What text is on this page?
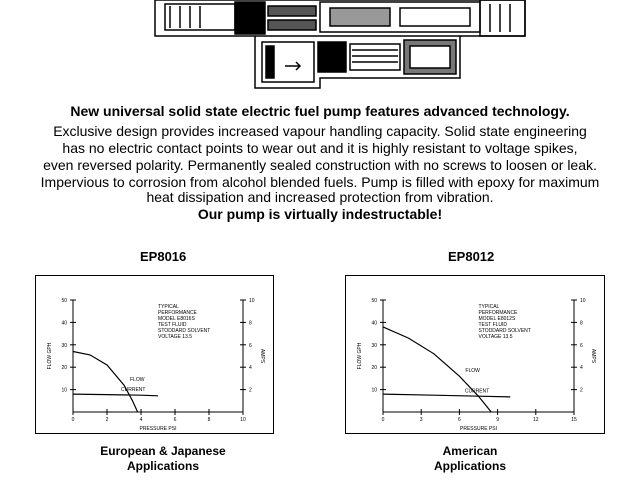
New universal solid state electric fuel pump features advanced technology.
Exclusive design provides increased vapour handling capacity. Solid state engineering
has no electric contact points to wear out and it is highly resistant to voltage spikes,
even reversed polarity. Permanently sealed construction with no screws to loosen or leak.
Impervious to corrosion from alcohol blended fuels. Pump is filled with epoxy for maximum
heat dissipation and increased protection from vibration.
Our pump is virtually indestructable!
EP8016
10
20
30
40
50
2
4
6
8
10
0	2	4	6	8	10
PRESSURE PSI
FLOW GPH	AMPS
TYPICAL
PERFORMANCE
MODEL E8016S
TEST FLUID
STODDARD SOLVENT
VOLTAGE 13.5
FLOW
CURRENT
European & Japanese
Applications
EP8012
10
20
30
40
50
2
4
6
8
10
0	3	6	9	12	15
PRESSURE PSI
FLOW GPH	AMPS
TYPICAL
PERFORMANCE
MODEL E8012S
TEST FLUID
STODDARD SOLVENT
VOLTAGE 13.5
FLOW
CURRENT
American
Applications
